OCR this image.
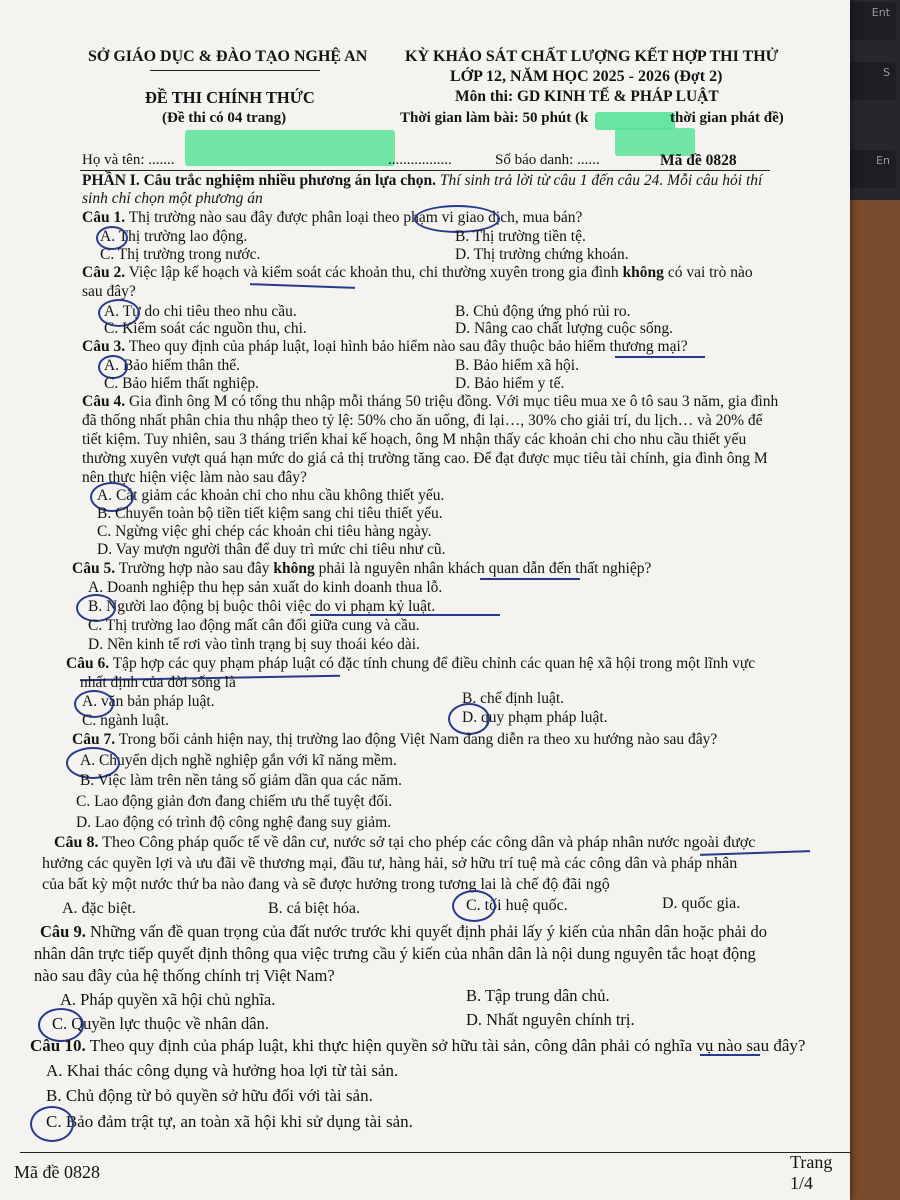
Ent
S
En
SỞ GIÁO DỤC & ĐÀO TẠO NGHỆ AN
ĐỀ THI CHÍNH THỨC
(Đề thi có 04 trang)
KỲ KHẢO SÁT CHẤT LƯỢNG KẾT HỢP THI THỬ
LỚP 12, NĂM HỌC 2025 - 2026 (Đợt 2)
Môn thi: GD KINH TẾ & PHÁP LUẬT
Thời gian làm bài: 50 phút (k	thời gian phát đề)
Họ và tên: .......	.................	Số báo danh: ......	Mã đề 0828
PHẦN I. Câu trắc nghiệm nhiều phương án lựa chọn. Thí sinh trả lời từ câu 1 đến câu 24. Mỗi câu hỏi thí
sinh chỉ chọn một phương án
Câu 1. Thị trường nào sau đây được phân loại theo phạm vi giao dịch, mua bán?
A. Thị trường lao động.	B. Thị trường tiền tệ.
C. Thị trường trong nước.	D. Thị trường chứng khoán.
Câu 2. Việc lập kế hoạch và kiểm soát các khoản thu, chi thường xuyên trong gia đình không có vai trò nào
sau đây?
A. Tự do chi tiêu theo nhu cầu.	B. Chủ động ứng phó rủi ro.
C. Kiểm soát các nguồn thu, chi.	D. Nâng cao chất lượng cuộc sống.
Câu 3. Theo quy định của pháp luật, loại hình bảo hiểm nào sau đây thuộc bảo hiểm thương mại?
A. Bảo hiểm thân thể.	B. Bảo hiểm xã hội.
C. Bảo hiểm thất nghiệp.	D. Bảo hiểm y tế.
Câu 4. Gia đình ông M có tổng thu nhập mỗi tháng 50 triệu đồng. Với mục tiêu mua xe ô tô sau 3 năm, gia đình
đã thống nhất phân chia thu nhập theo tỷ lệ: 50% cho ăn uống, đi lại…, 30% cho giải trí, du lịch… và 20% để
tiết kiệm. Tuy nhiên, sau 3 tháng triển khai kế hoạch, ông M nhận thấy các khoản chi cho nhu cầu thiết yếu
thường xuyên vượt quá hạn mức do giá cả thị trường tăng cao. Để đạt được mục tiêu tài chính, gia đình ông M
nên thực hiện việc làm nào sau đây?
A. Cắt giảm các khoản chi cho nhu cầu không thiết yếu.
B. Chuyển toàn bộ tiền tiết kiệm sang chi tiêu thiết yếu.
C. Ngừng việc ghi chép các khoản chi tiêu hàng ngày.
D. Vay mượn người thân để duy trì mức chi tiêu như cũ.
Câu 5. Trường hợp nào sau đây không phải là nguyên nhân khách quan dẫn đến thất nghiệp?
A. Doanh nghiệp thu hẹp sản xuất do kinh doanh thua lỗ.
B. Người lao động bị buộc thôi việc do vi phạm kỷ luật.
C. Thị trường lao động mất cân đối giữa cung và cầu.
D. Nền kinh tế rơi vào tình trạng bị suy thoái kéo dài.
Câu 6. Tập hợp các quy phạm pháp luật có đặc tính chung để điều chỉnh các quan hệ xã hội trong một lĩnh vực
nhất định của đời sống là
A. văn bản pháp luật.	B. chế định luật.
C. ngành luật.	D. quy phạm pháp luật.
Câu 7. Trong bối cảnh hiện nay, thị trường lao động Việt Nam đang diễn ra theo xu hướng nào sau đây?
A. Chuyển dịch nghề nghiệp gắn với kĩ năng mềm.
B. Việc làm trên nền tảng số giảm dần qua các năm.
C. Lao động giản đơn đang chiếm ưu thế tuyệt đối.
D. Lao động có trình độ công nghệ đang suy giảm.
Câu 8. Theo Công pháp quốc tế về dân cư, nước sở tại cho phép các công dân và pháp nhân nước ngoài được
hưởng các quyền lợi và ưu đãi về thương mại, đầu tư, hàng hải, sở hữu trí tuệ mà các công dân và pháp nhân
của bất kỳ một nước thứ ba nào đang và sẽ được hưởng trong tương lai là chế độ đãi ngộ
A. đặc biệt.	B. cá biệt hóa.	C. tối huệ quốc.	D. quốc gia.
Câu 9. Những vấn đề quan trọng của đất nước trước khi quyết định phải lấy ý kiến của nhân dân hoặc phải do
nhân dân trực tiếp quyết định thông qua việc trưng cầu ý kiến của nhân dân là nội dung nguyên tắc hoạt động
nào sau đây của hệ thống chính trị Việt Nam?
A. Pháp quyền xã hội chủ nghĩa.	B. Tập trung dân chủ.
C. Quyền lực thuộc về nhân dân.	D. Nhất nguyên chính trị.
Câu 10. Theo quy định của pháp luật, khi thực hiện quyền sở hữu tài sản, công dân phải có nghĩa vụ nào sau đây?
A. Khai thác công dụng và hưởng hoa lợi từ tài sản.
B. Chủ động từ bỏ quyền sở hữu đối với tài sản.
C. Bảo đảm trật tự, an toàn xã hội khi sử dụng tài sản.
Mã đề 0828	Trang 1/4
